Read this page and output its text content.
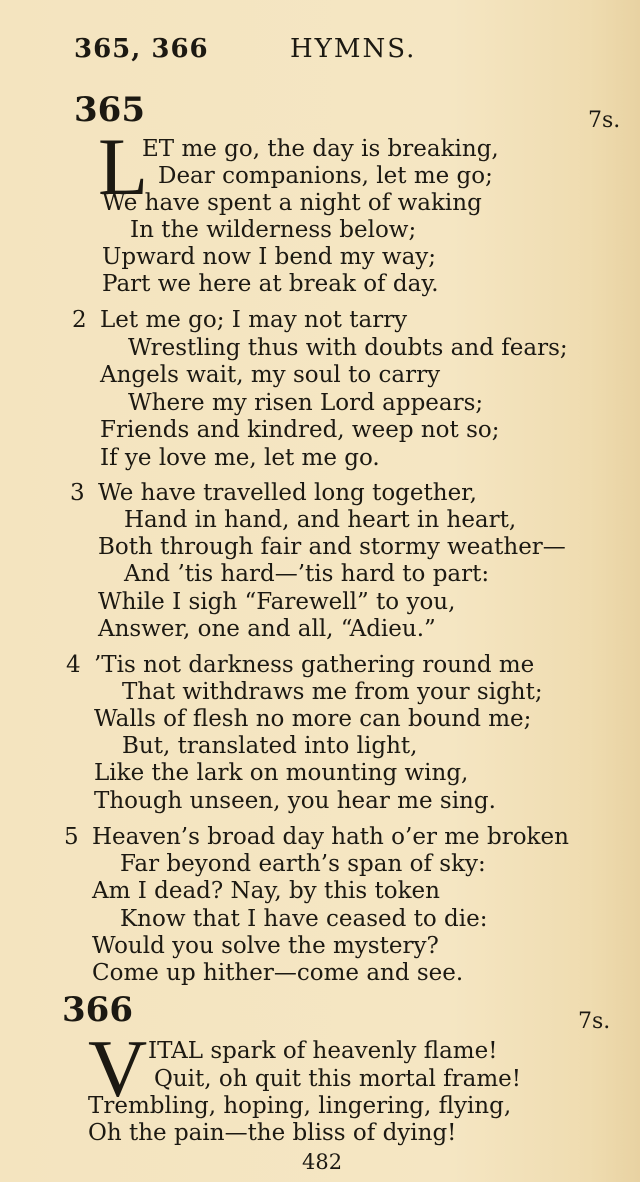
365, 366	HYMNS.
365	7s.
L
ET me go, the day is breaking,
Dear companions, let me go;
We have spent a night of waking
In the wilderness below;
Upward now I bend my way;
Part we here at break of day.
2 Let me go; I may not tarry
Wrestling thus with doubts and fears;
Angels wait, my soul to carry
Where my risen Lord appears;
Friends and kindred, weep not so;
If ye love me, let me go.
3 We have travelled long together,
Hand in hand, and heart in heart,
Both through fair and stormy weather—
And ’tis hard—’tis hard to part:
While I sigh “Farewell” to you,
Answer, one and all, “Adieu.”
4 ’Tis not darkness gathering round me
That withdraws me from your sight;
Walls of flesh no more can bound me;
But, translated into light,
Like the lark on mounting wing,
Though unseen, you hear me sing.
5 Heaven’s broad day hath o’er me broken
Far beyond earth’s span of sky:
Am I dead? Nay, by this token
Know that I have ceased to die:
Would you solve the mystery?
Come up hither—come and see.
366	7s.
V ITAL spark of heavenly flame!
Quit, oh quit this mortal frame!
Trembling, hoping, lingering, flying,
Oh the pain—the bliss of dying!
482
